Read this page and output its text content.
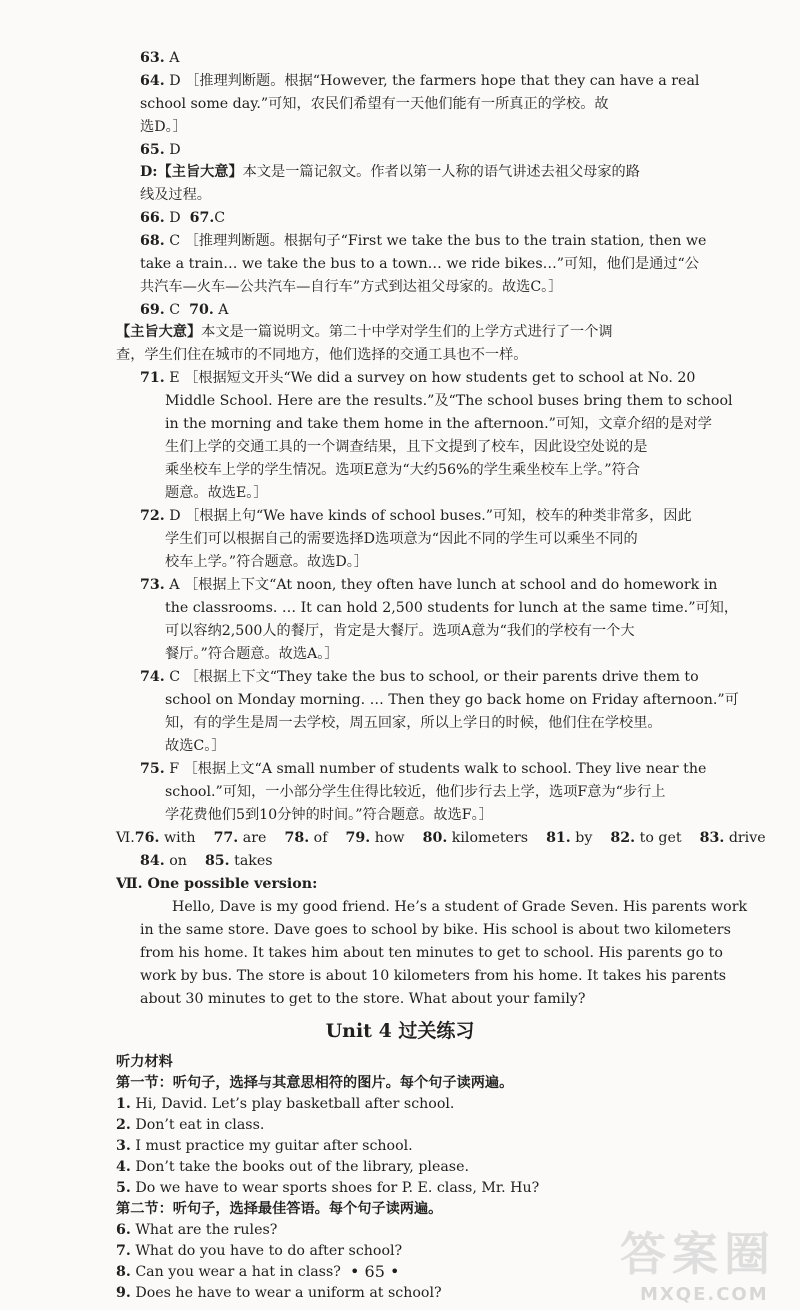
63. A
64. D ［推理判断题。根据“However, the farmers hope that they can have a real
school some day.”可知，农民们希望有一天他们能有一所真正的学校。故
选D。］
65. D
D:【主旨大意】本文是一篇记叙文。作者以第一人称的语气讲述去祖父母家的路
线及过程。
66. D 67.C
68. C ［推理判断题。根据句子“First we take the bus to the train station, then we
take a train… we take the bus to a town… we ride bikes…”可知，他们是通过“公
共汽车—火车—公共汽车—自行车”方式到达祖父母家的。故选C。］
69. C 70. A
【主旨大意】本文是一篇说明文。第二十中学对学生们的上学方式进行了一个调
查，学生们住在城市的不同地方，他们选择的交通工具也不一样。
71. E ［根据短文开头“We did a survey on how students get to school at No. 20
Middle School. Here are the results.”及“The school buses bring them to school
in the morning and take them home in the afternoon.”可知，文章介绍的是对学
生们上学的交通工具的一个调查结果，且下文提到了校车，因此设空处说的是
乘坐校车上学的学生情况。选项E意为“大约56%的学生乘坐校车上学。”符合
题意。故选E。］
72. D ［根据上句“We have kinds of school buses.”可知，校车的种类非常多，因此
学生们可以根据自己的需要选择D选项意为“因此不同的学生可以乘坐不同的
校车上学。”符合题意。故选D。］
73. A ［根据上下文“At noon, they often have lunch at school and do homework in
the classrooms. … It can hold 2,500 students for lunch at the same time.”可知，
可以容纳2,500人的餐厅，肯定是大餐厅。选项A意为“我们的学校有一个大
餐厅。”符合题意。故选A。］
74. C ［根据上下文“They take the bus to school, or their parents drive them to
school on Monday morning. … Then they go back home on Friday afternoon.”可
知，有的学生是周一去学校，周五回家，所以上学日的时候，他们住在学校里。
故选C。］
75. F ［根据上文“A small number of students walk to school. They live near the
school.”可知，一小部分学生住得比较近，他们步行去上学，选项F意为“步行上
学花费他们5到10分钟的时间。”符合题意。故选F。］
Ⅵ.76. with 77. are 78. of 79. how 80. kilometers 81. by 82. to get 83. drive
84. on 85. takes
Ⅶ. One possible version:
Hello, Dave is my good friend. He’s a student of Grade Seven. His parents work
in the same store. Dave goes to school by bike. His school is about two kilometers
from his home. It takes him about ten minutes to get to school. His parents go to
work by bus. The store is about 10 kilometers from his home. It takes his parents
about 30 minutes to get to the store. What about your family?
Unit 4 过关练习
听力材料
第一节：听句子，选择与其意思相符的图片。每个句子读两遍。
1. Hi, David. Let’s play basketball after school.
2. Don’t eat in class.
3. I must practice my guitar after school.
4. Don’t take the books out of the library, please.
5. Do we have to wear sports shoes for P. E. class, Mr. Hu?
第二节：听句子，选择最佳答语。每个句子读两遍。
6. What are the rules?
7. What do you have to do after school?
8. Can you wear a hat in class?
9. Does he have to wear a uniform at school?
答案圈
MXQE.COM
• 65 •
